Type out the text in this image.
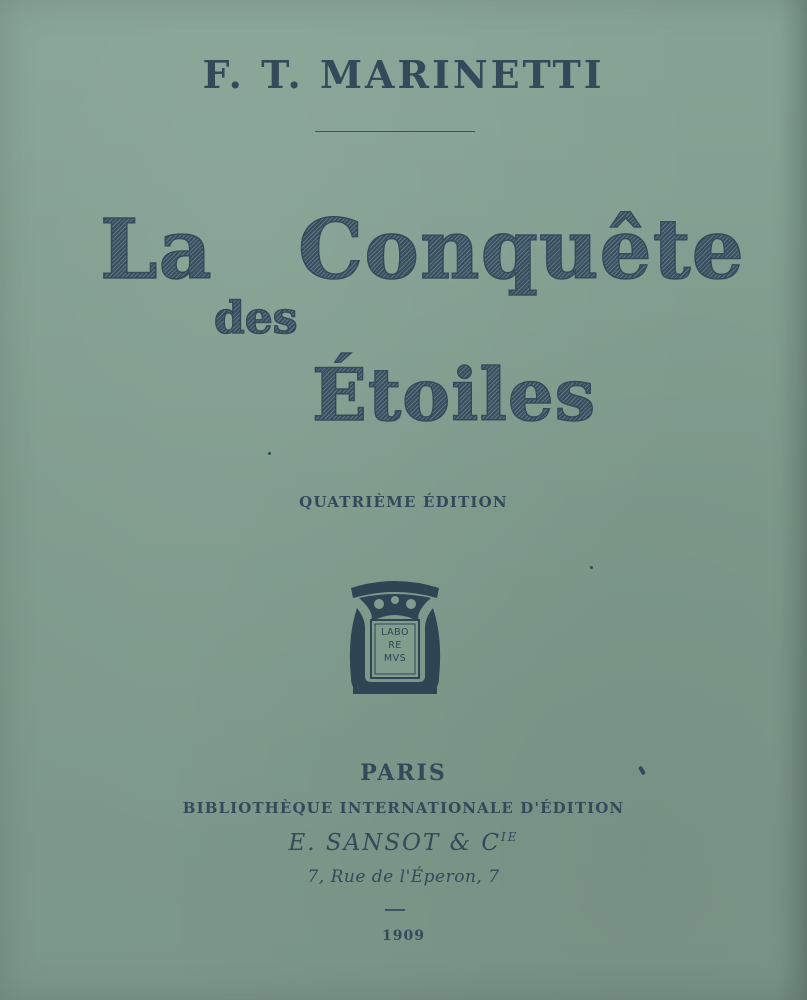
F. T. MARINETTI
La Conquête
des
Étoiles
QUATRIÈME ÉDITION
LABO
RE
MVS
PARIS
BIBLIOTHÈQUE INTERNATIONALE D'ÉDITION
E. SANSOT & $C^{IE}$
7, Rue de l'Éperon, 7
1909
